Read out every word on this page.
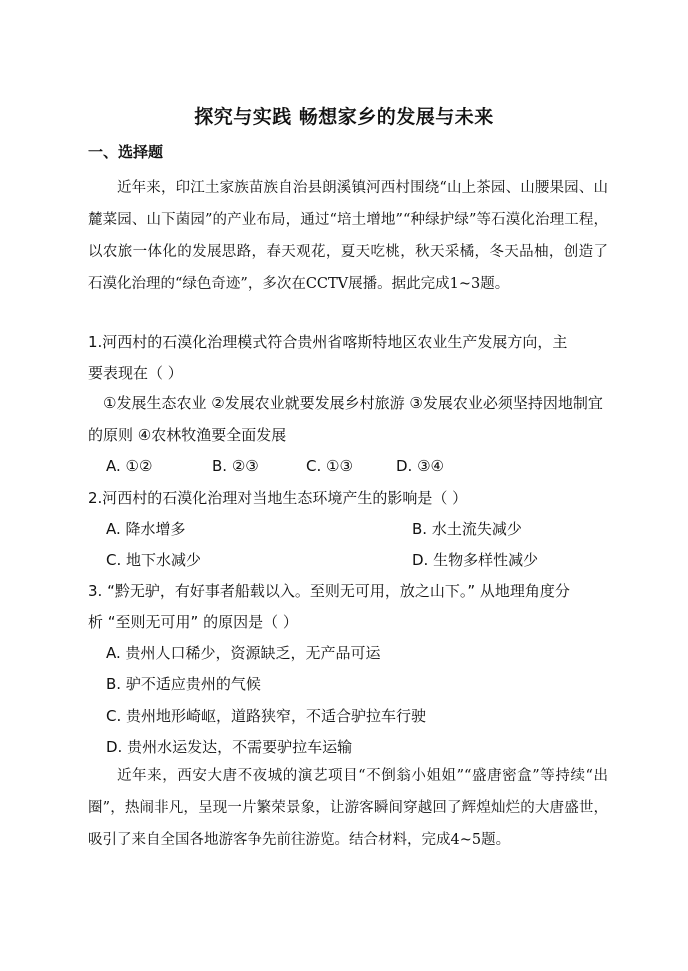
探究与实践 畅想家乡的发展与未来
一、选择题
近年来，印江土家族苗族自治县朗溪镇河西村围绕“山上茶园、山腰果园、山麓菜园、山下菌园”的产业布局，通过“培土增地”“种绿护绿”等石漠化治理工程，以农旅一体化的发展思路，春天观花，夏天吃桃，秋天采橘，冬天品柚，创造了石漠化治理的“绿色奇迹”，多次在CCTV展播。据此完成1~3题。
1.河西村的石漠化治理模式符合贵州省喀斯特地区农业生产发展方向，主
要表现在（ ）
①发展生态农业 ②发展农业就要发展乡村旅游 ③发展农业必须坚持因地制宜的原则 ④农林牧渔要全面发展
A. ①②	B. ②③	C. ①③	D. ③④
2.河西村的石漠化治理对当地生态环境产生的影响是（ ）
A. 降水增多	B. 水土流失减少
C. 地下水减少	D. 生物多样性减少
3. “黔无驴，有好事者船载以入。至则无可用，放之山下。” 从地理角度分
析 “至则无可用” 的原因是（ ）
A. 贵州人口稀少，资源缺乏，无产品可运
B. 驴不适应贵州的气候
C. 贵州地形崎岖，道路狭窄，不适合驴拉车行驶
D. 贵州水运发达，不需要驴拉车运输
近年来，西安大唐不夜城的演艺项目“不倒翁小姐姐”“盛唐密盒”等持续“出圈”，热闹非凡，呈现一片繁荣景象，让游客瞬间穿越回了辉煌灿烂的大唐盛世，吸引了来自全国各地游客争先前往游览。结合材料，完成4~5题。
